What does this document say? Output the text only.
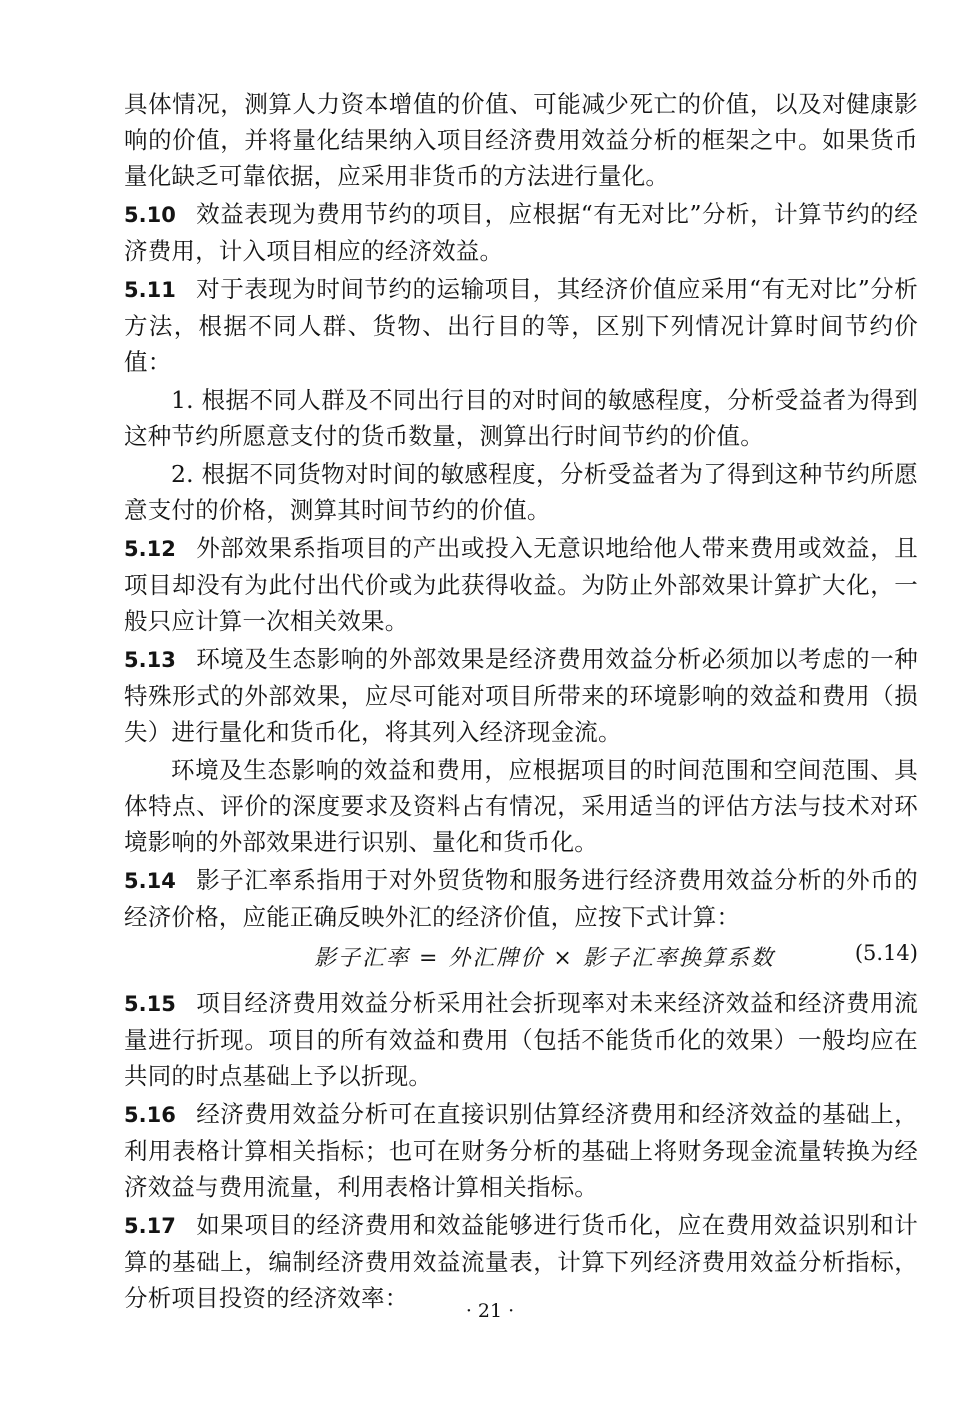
具体情况，测算人力资本增值的价值、可能减少死亡的价值，以及对健康影响的价值，并将量化结果纳入项目经济费用效益分析的框架之中。如果货币量化缺乏可靠依据，应采用非货币的方法进行量化。

5.10 效益表现为费用节约的项目，应根据“有无对比”分析，计算节约的经济费用，计入项目相应的经济效益。

5.11 对于表现为时间节约的运输项目，其经济价值应采用“有无对比”分析方法，根据不同人群、货物、出行目的等，区别下列情况计算时间节约价值：

1. 根据不同人群及不同出行目的对时间的敏感程度，分析受益者为得到这种节约所愿意支付的货币数量，测算出行时间节约的价值。

2. 根据不同货物对时间的敏感程度，分析受益者为了得到这种节约所愿意支付的价格，测算其时间节约的价值。

5.12 外部效果系指项目的产出或投入无意识地给他人带来费用或效益，且项目却没有为此付出代价或为此获得收益。为防止外部效果计算扩大化，一般只应计算一次相关效果。

5.13 环境及生态影响的外部效果是经济费用效益分析必须加以考虑的一种特殊形式的外部效果，应尽可能对项目所带来的环境影响的效益和费用（损失）进行量化和货币化，将其列入经济现金流。

环境及生态影响的效益和费用，应根据项目的时间范围和空间范围、具体特点、评价的深度要求及资料占有情况，采用适当的评估方法与技术对环境影响的外部效果进行识别、量化和货币化。

5.14 影子汇率系指用于对外贸货物和服务进行经济费用效益分析的外币的经济价格，应能正确反映外汇的经济价值，应按下式计算：

影子汇率 = 外汇牌价 × 影子汇率换算系数	(5.14)

5.15 项目经济费用效益分析采用社会折现率对未来经济效益和经济费用流量进行折现。项目的所有效益和费用（包括不能货币化的效果）一般均应在共同的时点基础上予以折现。

5.16 经济费用效益分析可在直接识别估算经济费用和经济效益的基础上，利用表格计算相关指标；也可在财务分析的基础上将财务现金流量转换为经济效益与费用流量，利用表格计算相关指标。

5.17 如果项目的经济费用和效益能够进行货币化，应在费用效益识别和计算的基础上，编制经济费用效益流量表，计算下列经济费用效益分析指标，分析项目投资的经济效率：	· 21 ·
